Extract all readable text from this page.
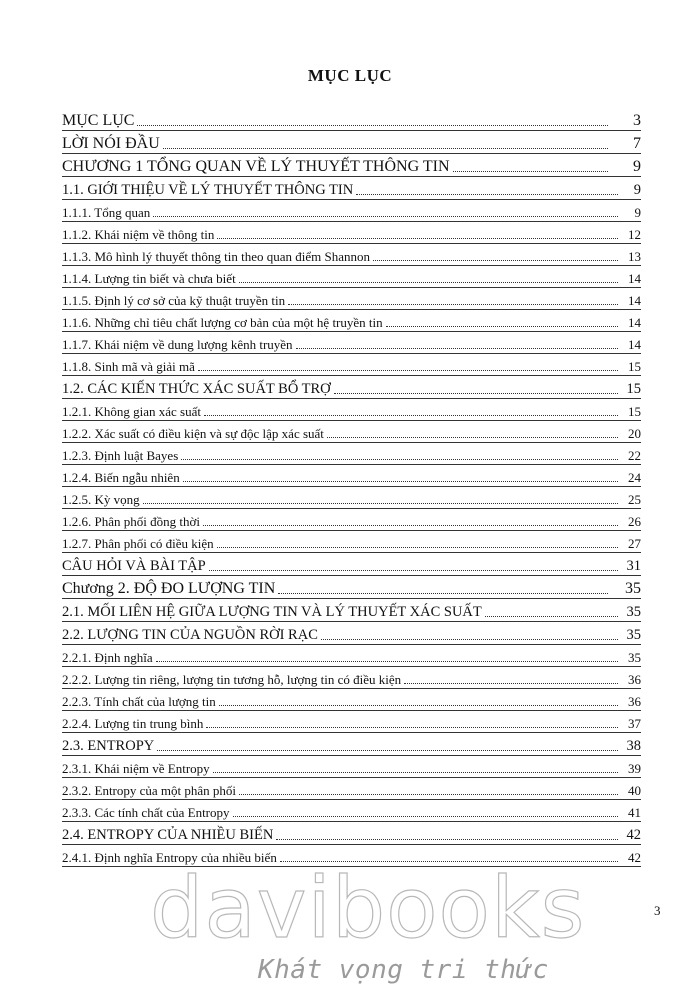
MỤC LỤC
MỤC LỤC	3
LỜI NÓI ĐẦU	7
CHƯƠNG 1 TỔNG QUAN VỀ LÝ THUYẾT THÔNG TIN	9
1.1. GIỚI THIỆU VỀ LÝ THUYẾT THÔNG TIN	9
1.1.1. Tổng quan	9
1.1.2. Khái niệm về thông tin	12
1.1.3. Mô hình lý thuyết thông tin theo quan điểm Shannon	13
1.1.4. Lượng tin biết và chưa biết	14
1.1.5. Định lý cơ sở của kỹ thuật truyền tin	14
1.1.6. Những chỉ tiêu chất lượng cơ bản của một hệ truyền tin	14
1.1.7. Khái niệm về dung lượng kênh truyền	14
1.1.8. Sinh mã và giải mã	15
1.2. CÁC KIẾN THỨC XÁC SUẤT BỔ TRỢ	15
1.2.1. Không gian xác suất	15
1.2.2. Xác suất có điều kiện và sự độc lập xác suất	20
1.2.3. Định luật Bayes	22
1.2.4. Biến ngẫu nhiên	24
1.2.5. Kỳ vọng	25
1.2.6. Phân phối đồng thời	26
1.2.7. Phân phối có điều kiện	27
CÂU HỎI VÀ BÀI TẬP	31
Chương 2. ĐỘ ĐO LƯỢNG TIN	35
2.1. MỐI LIÊN HỆ GIỮA LƯỢNG TIN VÀ LÝ THUYẾT XÁC SUẤT	35
2.2. LƯỢNG TIN CỦA NGUỒN RỜI RẠC	35
2.2.1. Định nghĩa	35
2.2.2. Lượng tin riêng, lượng tin tương hỗ, lượng tin có điều kiện	36
2.2.3. Tính chất của lượng tin	36
2.2.4. Lượng tin trung bình	37
2.3. ENTROPY	38
2.3.1. Khái niệm về Entropy	39
2.3.2. Entropy của một phân phối	40
2.3.3. Các tính chất của Entropy	41
2.4. ENTROPY CỦA NHIỀU BIẾN	42
2.4.1. Định nghĩa Entropy của nhiều biến	42
3
davibooks
Khát vọng tri thức
